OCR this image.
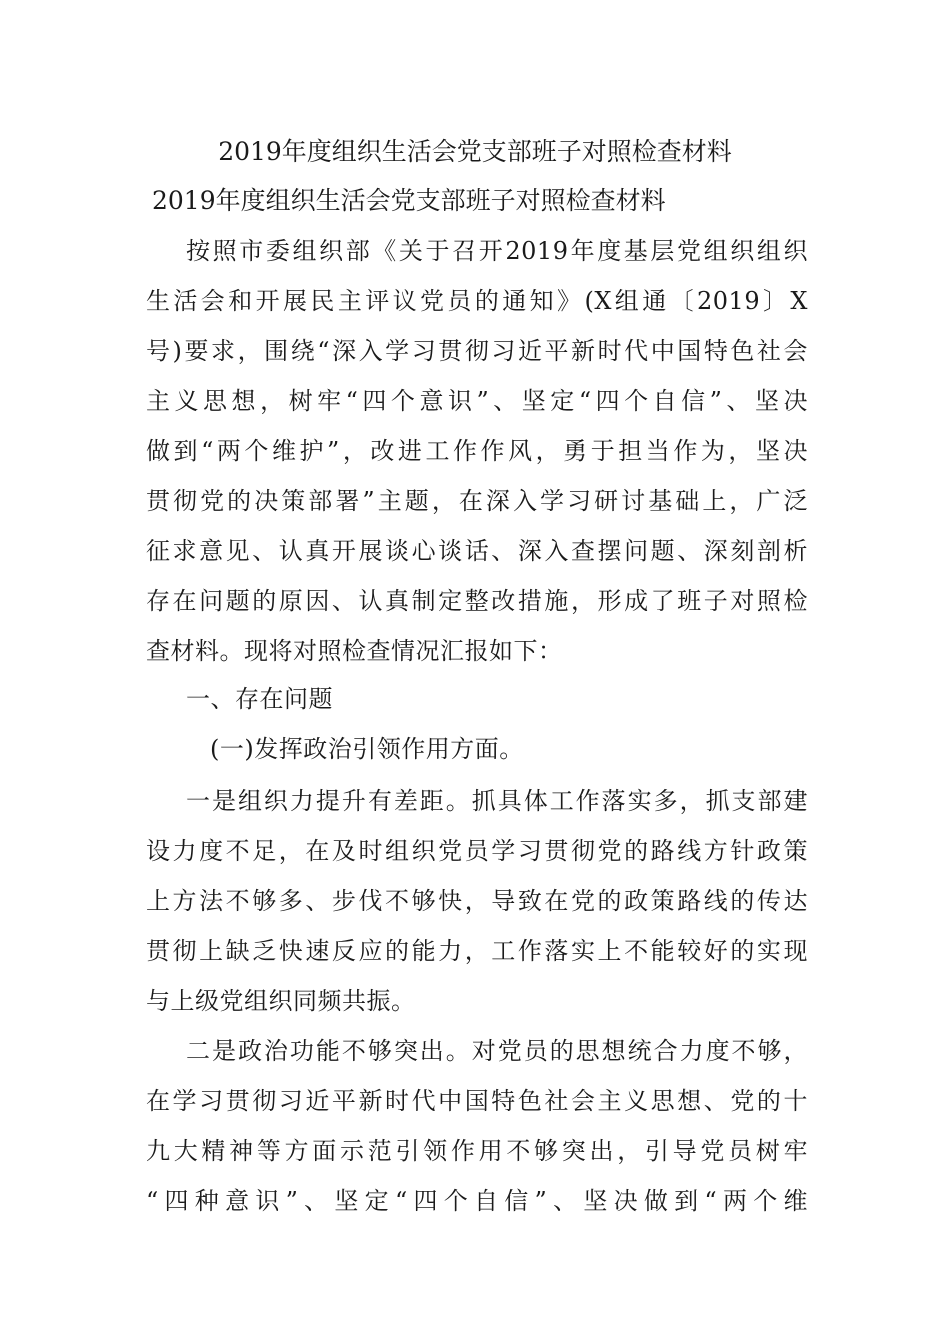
2019年度组织生活会党支部班子对照检查材料
2019年度组织生活会党支部班子对照检查材料
按照市委组织部《关于召开2019年度基层党组织组织
生活会和开展民主评议党员的通知》(X组通〔2019〕X
号)要求，围绕“深入学习贯彻习近平新时代中国特色社会
主义思想，树牢“四个意识”、坚定“四个自信”、坚决
做到“两个维护”，改进工作作风，勇于担当作为，坚决
贯彻党的决策部署”主题，在深入学习研讨基础上，广泛
征求意见、认真开展谈心谈话、深入查摆问题、深刻剖析
存在问题的原因、认真制定整改措施，形成了班子对照检
查材料。现将对照检查情况汇报如下：
一、存在问题
(一)发挥政治引领作用方面。
一是组织力提升有差距。抓具体工作落实多，抓支部建
设力度不足，在及时组织党员学习贯彻党的路线方针政策
上方法不够多、步伐不够快，导致在党的政策路线的传达
贯彻上缺乏快速反应的能力，工作落实上不能较好的实现
与上级党组织同频共振。
二是政治功能不够突出。对党员的思想统合力度不够，
在学习贯彻习近平新时代中国特色社会主义思想、党的十
九大精神等方面示范引领作用不够突出，引导党员树牢
“四种意识”、坚定“四个自信”、坚决做到“两个维
